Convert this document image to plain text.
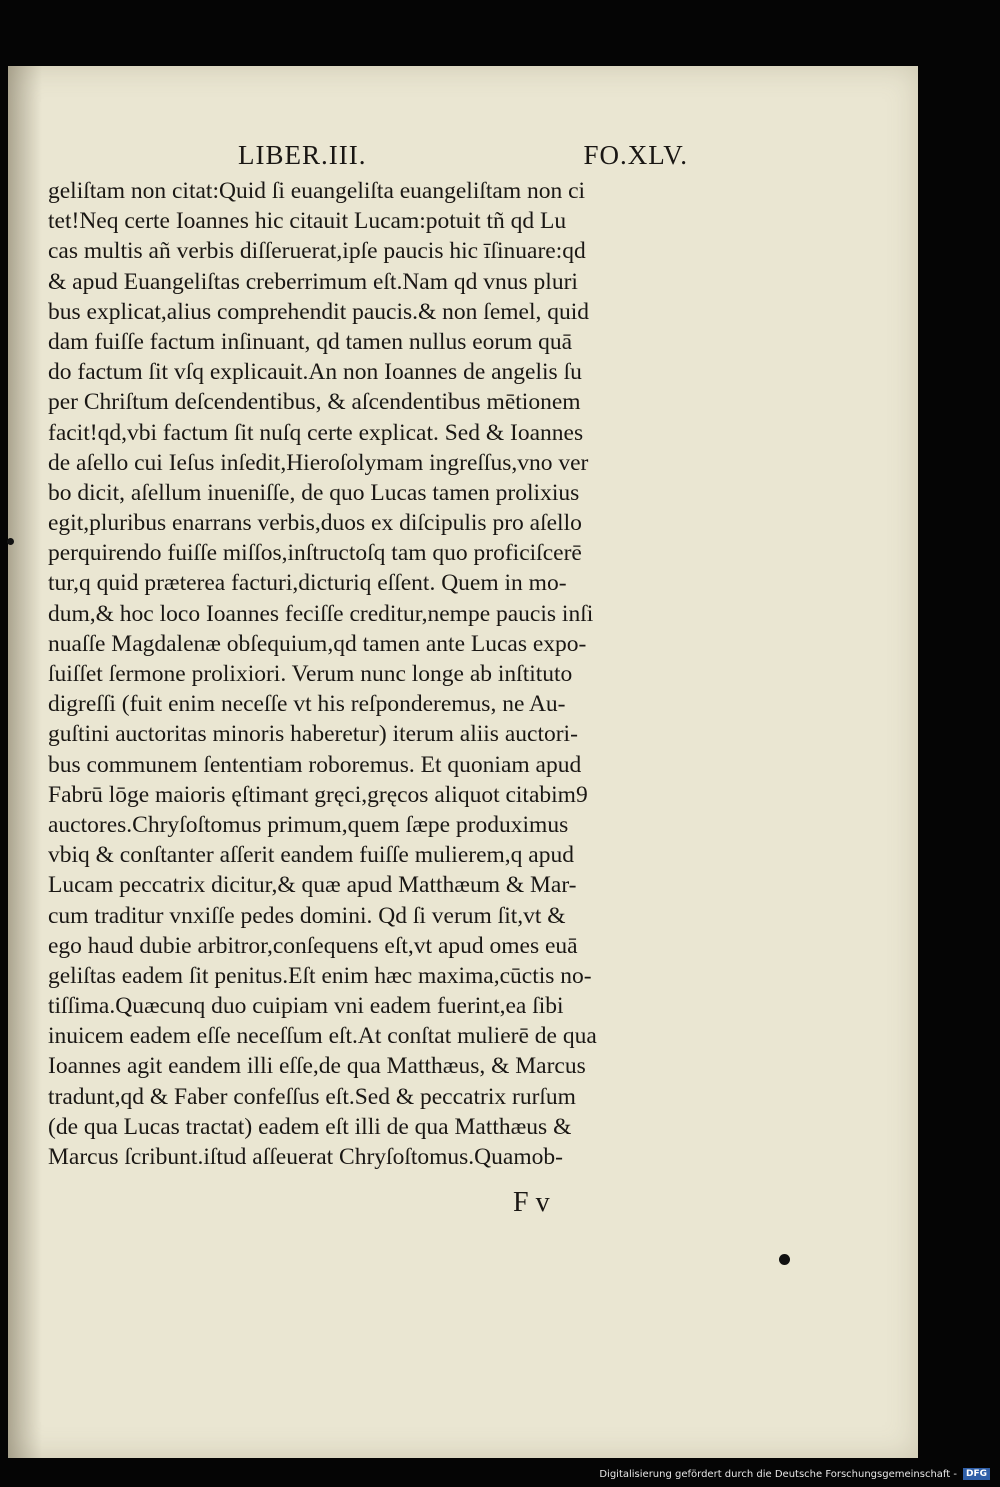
LIBER.III.	FO.XLV.
geliſtam non citat:Quid ſi euangeliſta euangeliſtam non ci
tet!Neq certe Ioannes hic citauit Lucam:potuit tñ qd Lu
cas multis añ verbis diſſeruerat,ipſe paucis hic īſinuare:qd
& apud Euangeliſtas creberrimum eſt.Nam qd vnus pluri
bus explicat,alius comprehendit paucis.& non ſemel, quid
dam fuiſſe factum inſinuant, qd tamen nullus eorum quā
do factum ſit vſq explicauit.An non Ioannes de angelis ſu
per Chriſtum deſcendentibus, & aſcendentibus mētionem
facit!qd,vbi factum ſit nuſq certe explicat. Sed & Ioannes
de aſello cui Ieſus inſedit,Hieroſolymam ingreſſus,vno ver
bo dicit, aſellum inueniſſe, de quo Lucas tamen prolixius
egit,pluribus enarrans verbis,duos ex diſcipulis pro aſello
perquirendo fuiſſe miſſos,inſtructoſq tam quo proficiſcerē
tur,q quid præterea facturi,dicturiq eſſent. Quem in mo-
dum,& hoc loco Ioannes feciſſe creditur,nempe paucis inſi
nuaſſe Magdalenæ obſequium,qd tamen ante Lucas expo-
ſuiſſet ſermone prolixiori. Verum nunc longe ab inſtituto
digreſſi (fuit enim neceſſe vt his reſponderemus, ne Au-
guſtini auctoritas minoris haberetur) iterum aliis auctori-
bus communem ſententiam roboremus. Et quoniam apud
Fabrū lōge maioris ęſtimant gręci,gręcos aliquot citabim9
auctores.Chryſoſtomus primum,quem ſæpe produximus
vbiq & conſtanter aſſerit eandem fuiſſe mulierem,q apud
Lucam peccatrix dicitur,& quæ apud Matthæum & Mar-
cum traditur vnxiſſe pedes domini. Qd ſi verum ſit,vt &
ego haud dubie arbitror,conſequens eſt,vt apud omes euā
geliſtas eadem ſit penitus.Eſt enim hæc maxima,cūctis no-
tiſſima.Quæcunq duo cuipiam vni eadem fuerint,ea ſibi
inuicem eadem eſſe neceſſum eſt.At conſtat mulierē de qua
Ioannes agit eandem illi eſſe,de qua Matthæus, & Marcus
tradunt,qd & Faber confeſſus eſt.Sed & peccatrix rurſum
(de qua Lucas tractat) eadem eſt illi de qua Matthæus &
Marcus ſcribunt.iſtud aſſeuerat Chryſoſtomus.Quamob-
F v
Digitalisierung gefördert durch die Deutsche Forschungsgemeinschaft -	DFG
